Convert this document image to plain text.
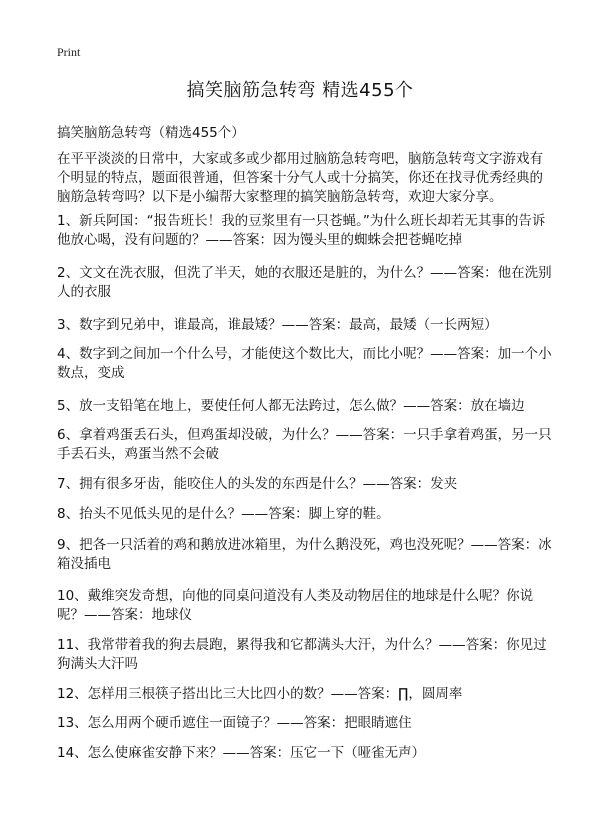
Print
搞笑脑筋急转弯 精选455个
搞笑脑筋急转弯（精选455个）

在平平淡淡的日常中，大家或多或少都用过脑筋急转弯吧，脑筋急转弯文字游戏有个明显的特点，题面很普通，但答案十分气人或十分搞笑，你还在找寻优秀经典的脑筋急转弯吗？以下是小编帮大家整理的搞笑脑筋急转弯，欢迎大家分享。

1、新兵阿国：“报告班长！我的豆浆里有一只苍蝇。”为什么班长却若无其事的告诉他放心喝，没有问题的？——答案：因为馒头里的蜘蛛会把苍蝇吃掉

2、文文在洗衣服，但洗了半天，她的衣服还是脏的，为什么？——答案：他在洗别人的衣服

3、数字到兄弟中，谁最高，谁最矮？——答案：最高，最矮（一长两短）

4、数字到之间加一个什么号，才能使这个数比大，而比小呢？——答案：加一个小数点，变成

5、放一支铅笔在地上，要使任何人都无法跨过，怎么做？——答案：放在墙边

6、拿着鸡蛋丢石头，但鸡蛋却没破，为什么？——答案：一只手拿着鸡蛋，另一只手丢石头，鸡蛋当然不会破

7、拥有很多牙齿，能咬住人的头发的东西是什么？——答案：发夹

8、抬头不见低头见的是什么？——答案：脚上穿的鞋。

9、把各一只活着的鸡和鹅放进冰箱里，为什么鹅没死，鸡也没死呢？——答案：冰箱没插电

10、戴维突发奇想，向他的同桌问道没有人类及动物居住的地球是什么呢？你说呢？——答案：地球仪

11、我常带着我的狗去晨跑，累得我和它都满头大汗，为什么？——答案：你见过狗满头大汗吗

12、怎样用三根筷子搭出比三大比四小的数？——答案：∏，圆周率

13、怎么用两个硬币遮住一面镜子？——答案：把眼睛遮住

14、怎么使麻雀安静下来？——答案：压它一下（哑雀无声）
